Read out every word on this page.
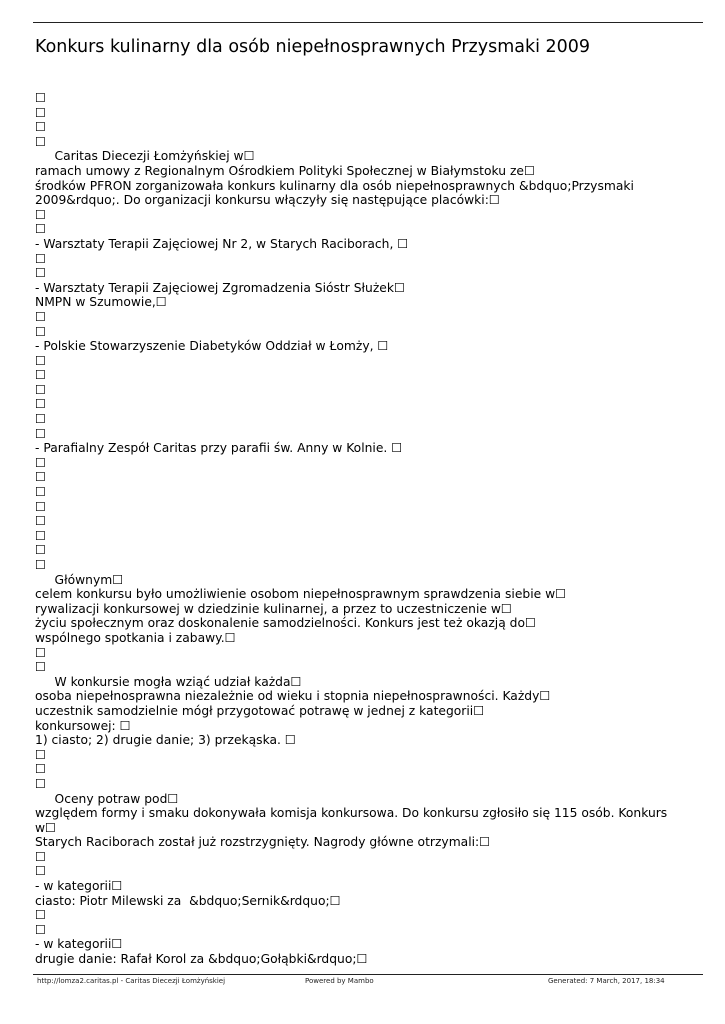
Konkurs kulinarny dla osób niepełnosprawnych Przysmaki 2009
☐
☐
☐
☐
Caritas Diecezji Łomżyńskiej w☐
ramach umowy z Regionalnym Ośrodkiem Polityki Społecznej w Białymstoku ze☐
środków PFRON zorganizowała konkurs kulinarny dla osób niepełnosprawnych &bdquo;Przysmaki
2009&rdquo;. Do organizacji konkursu włączyły się następujące placówki:☐
☐
☐
- Warsztaty Terapii Zajęciowej Nr 2, w Starych Raciborach, ☐
☐
☐
- Warsztaty Terapii Zajęciowej Zgromadzenia Sióstr Służek☐
NMPN w Szumowie,☐
☐
☐
- Polskie Stowarzyszenie Diabetyków Oddział w Łomży, ☐
☐
☐
☐
☐
☐
☐
- Parafialny Zespół Caritas przy parafii św. Anny w Kolnie. ☐
☐
☐
☐
☐
☐
☐
☐
☐
Głównym☐
celem konkursu było umożliwienie osobom niepełnosprawnym sprawdzenia siebie w☐
rywalizacji konkursowej w dziedzinie kulinarnej, a przez to uczestniczenie w☐
życiu społecznym oraz doskonalenie samodzielności. Konkurs jest też okazją do☐
wspólnego spotkania i zabawy.☐
☐
☐
W konkursie mogła wziąć udział każda☐
osoba niepełnosprawna niezależnie od wieku i stopnia niepełnosprawności. Każdy☐
uczestnik samodzielnie mógł przygotować potrawę w jednej z kategorii☐
konkursowej: ☐
1) ciasto; 2) drugie danie; 3) przekąska. ☐
☐
☐
☐
Oceny potraw pod☐
względem formy i smaku dokonywała komisja konkursowa. Do konkursu zgłosiło się 115 osób. Konkurs
w☐
Starych Raciborach został już rozstrzygnięty. Nagrody główne otrzymali:☐
☐
☐
- w kategorii☐
ciasto: Piotr Milewski za  &bdquo;Sernik&rdquo;☐
☐
☐
- w kategorii☐
drugie danie: Rafał Korol za &bdquo;Gołąbki&rdquo;☐
http://lomza2.caritas.pl - Caritas Diecezji Łomżyńskiej	Powered by Mambo	Generated: 7 March, 2017, 18:34
